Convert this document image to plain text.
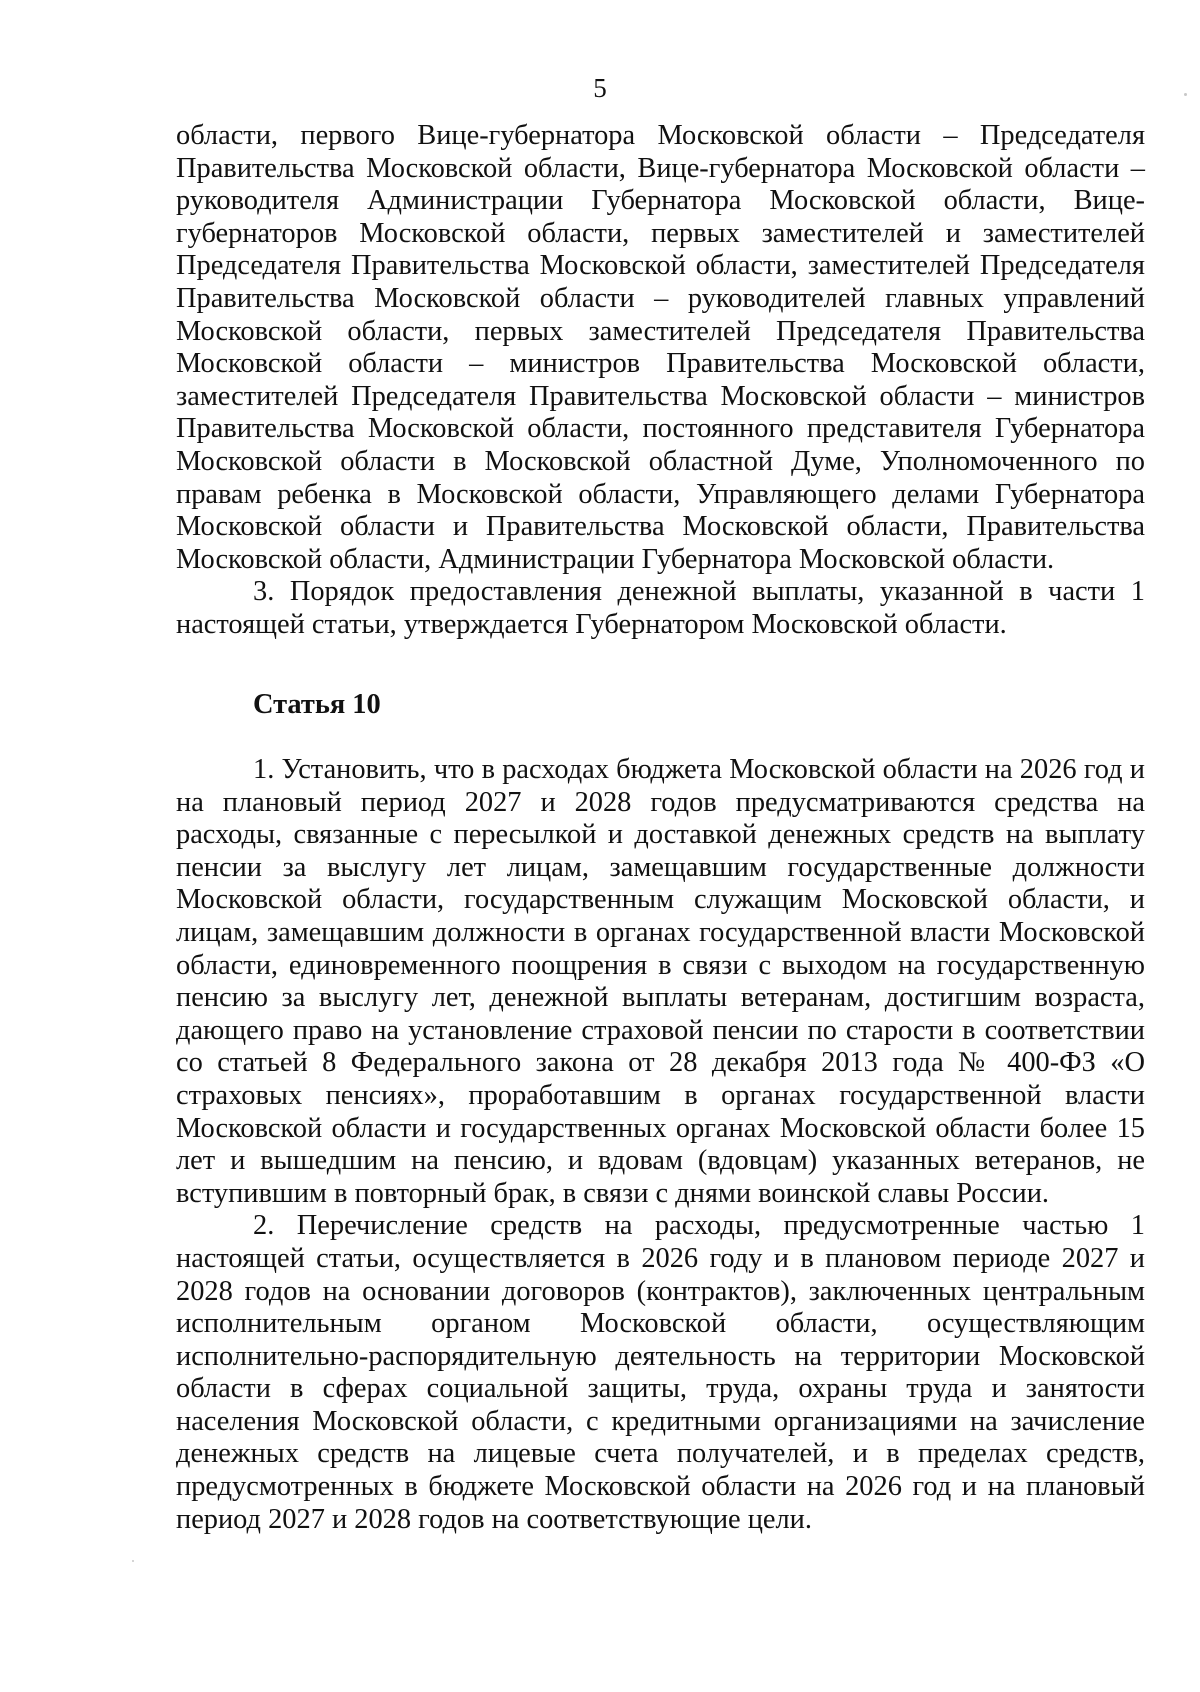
5

области, первого Вице-губернатора Московской области – Председателя Правительства Московской области, Вице-губернатора Московской области – руководителя Администрации Губернатора Московской области, Вице-губернаторов Московской области, первых заместителей и заместителей Председателя Правительства Московской области, заместителей Председателя Правительства Московской области – руководителей главных управлений Московской области, первых заместителей Председателя Правительства Московской области – министров Правительства Московской области, заместителей Председателя Правительства Московской области – министров Правительства Московской области, постоянного представителя Губернатора Московской области в Московской областной Думе, Уполномоченного по правам ребенка в Московской области, Управляющего делами Губернатора Московской области и Правительства Московской области, Правительства Московской области, Администрации Губернатора Московской области.

3. Порядок предоставления денежной выплаты, указанной в части 1 настоящей статьи, утверждается Губернатором Московской области.

Статья 10

1. Установить, что в расходах бюджета Московской области на 2026 год и на плановый период 2027 и 2028 годов предусматриваются средства на расходы, связанные с пересылкой и доставкой денежных средств на выплату пенсии за выслугу лет лицам, замещавшим государственные должности Московской области, государственным служащим Московской области, и лицам, замещавшим должности в органах государственной власти Московской области, единовременного поощрения в связи с выходом на государственную пенсию за выслугу лет, денежной выплаты ветеранам, достигшим возраста, дающего право на установление страховой пенсии по старости в соответствии со статьей 8 Федерального закона от 28 декабря 2013 года № 400-ФЗ «О страховых пенсиях», проработавшим в органах государственной власти Московской области и государственных органах Московской области более 15 лет и вышедшим на пенсию, и вдовам (вдовцам) указанных ветеранов, не вступившим в повторный брак, в связи с днями воинской славы России.

2. Перечисление средств на расходы, предусмотренные частью 1 настоящей статьи, осуществляется в 2026 году и в плановом периоде 2027 и 2028 годов на основании договоров (контрактов), заключенных центральным исполнительным органом Московской области, осуществляющим исполнительно-распорядительную деятельность на территории Московской области в сферах социальной защиты, труда, охраны труда и занятости населения Московской области, с кредитными организациями на зачисление денежных средств на лицевые счета получателей, и в пределах средств, предусмотренных в бюджете Московской области на 2026 год и на плановый период 2027 и 2028 годов на соответствующие цели.
